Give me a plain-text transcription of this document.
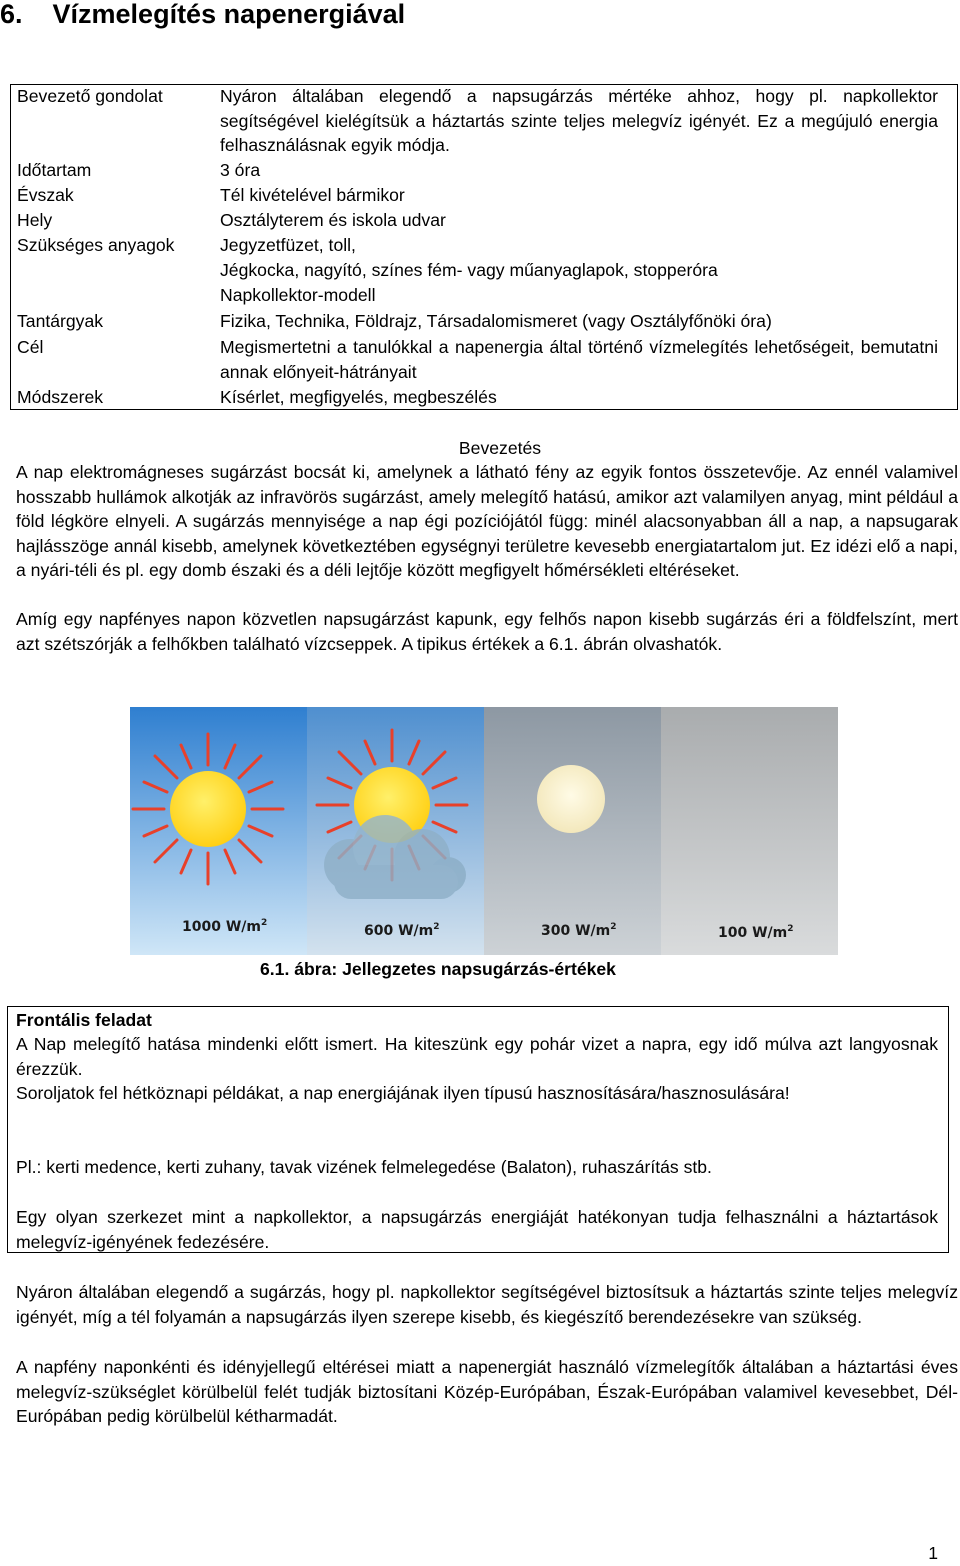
6.    Vízmelegítés napenergiával
Bevezető gondolat	Nyáron általában elegendő a napsugárzás mértéke ahhoz, hogy pl. napkollektor segítségével kielégítsük a háztartás szinte teljes melegvíz igényét. Ez a megújuló energia felhasználásnak egyik módja.
Időtartam	3 óra
Évszak	Tél kivételével bármikor
Hely	Osztályterem és iskola udvar
Szükséges anyagok	Jegyzetfüzet, toll,
Jégkocka, nagyító, színes fém- vagy műanyaglapok, stopperóra
Napkollektor-modell
Tantárgyak	Fizika, Technika, Földrajz, Társadalomismeret (vagy Osztályfőnöki óra)
Cél	Megismertetni a tanulókkal a napenergia által történő vízmelegítés lehetőségeit, bemutatni annak előnyeit-hátrányait
Módszerek	Kísérlet, megfigyelés, megbeszélés
Bevezetés
A nap elektromágneses sugárzást bocsát ki, amelynek a látható fény az egyik fontos összetevője. Az ennél valamivel hosszabb hullámok alkotják az infravörös sugárzást, amely melegítő hatású, amikor azt valamilyen anyag, mint például a föld légköre elnyeli. A sugárzás mennyisége a nap égi pozíciójától függ: minél alacsonyabban áll a nap, a napsugarak hajlásszöge annál kisebb, amelynek következtében egységnyi területre kevesebb energiatartalom jut. Ez idézi elő a napi, a nyári-téli és pl. egy domb északi és a déli lejtője között megfigyelt hőmérsékleti eltéréseket.
Amíg egy napfényes napon közvetlen napsugárzást kapunk, egy felhős napon kisebb sugárzás éri a földfelszínt, mert azt szétszórják a felhőkben található vízcseppek. A tipikus értékek a 6.1. ábrán olvashatók.
1000 $W/m^2$	600 $W/m^2$	300 $W/m^2$	100 $W/m^2$
6.1. ábra: Jellegzetes napsugárzás-értékek
Frontális feladat
A Nap melegítő hatása mindenki előtt ismert. Ha kiteszünk egy pohár vizet a napra, egy idő múlva azt langyosnak érezzük.
Soroljatok fel hétköznapi példákat, a nap energiájának ilyen típusú hasznosítására/hasznosulására!
Pl.: kerti medence, kerti zuhany, tavak vizének felmelegedése (Balaton), ruhaszárítás stb.
Egy olyan szerkezet mint a napkollektor, a napsugárzás energiáját hatékonyan tudja felhasználni a háztartások melegvíz-igényének fedezésére.
Nyáron általában elegendő a sugárzás, hogy pl. napkollektor segítségével biztosítsuk a háztartás szinte teljes melegvíz igényét, míg a tél folyamán a napsugárzás ilyen szerepe kisebb, és kiegészítő berendezésekre van szükség.
A napfény naponkénti és idényjellegű eltérései miatt a napenergiát használó vízmelegítők általában a háztartási éves melegvíz-szükséglet körülbelül felét tudják biztosítani Közép-Európában, Észak-Európában valamivel kevesebbet, Dél-Európában pedig körülbelül kétharmadát.
1
